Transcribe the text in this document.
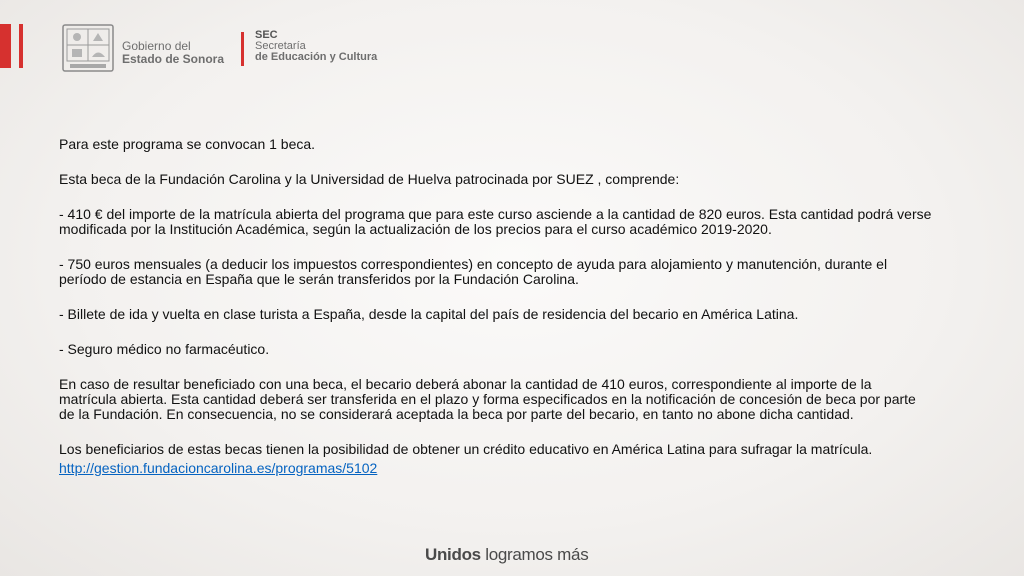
Gobierno del
Estado de Sonora
SEC
Secretaría
de Educación y Cultura

Para este programa se convocan 1 beca.

Esta beca de la Fundación Carolina y la Universidad de Huelva patrocinada por SUEZ , comprende:

- 410 € del importe de la matrícula abierta del programa que para este curso asciende a la cantidad de 820 euros. Esta cantidad podrá verse

modificada por la Institución Académica, según la actualización de los precios para el curso académico 2019-2020.

- 750 euros mensuales (a deducir los impuestos correspondientes) en concepto de ayuda para alojamiento y manutención, durante el

período de estancia en España que le serán transferidos por la Fundación Carolina.

- Billete de ida y vuelta en clase turista a España, desde la capital del país de residencia del becario en América Latina.

- Seguro médico no farmacéutico.

En caso de resultar beneficiado con una beca, el becario deberá abonar la cantidad de 410 euros, correspondiente al importe de la

matrícula abierta. Esta cantidad deberá ser transferida en el plazo y forma especificados en la notificación de concesión de beca por parte

de la Fundación. En consecuencia, no se considerará aceptada la beca por parte del becario, en tanto no abone dicha cantidad.

Los beneficiarios de estas becas tienen la posibilidad de obtener un crédito educativo en América Latina para sufragar la matrícula.

http://gestion.fundacioncarolina.es/programas/5102

Unidos logramos más
